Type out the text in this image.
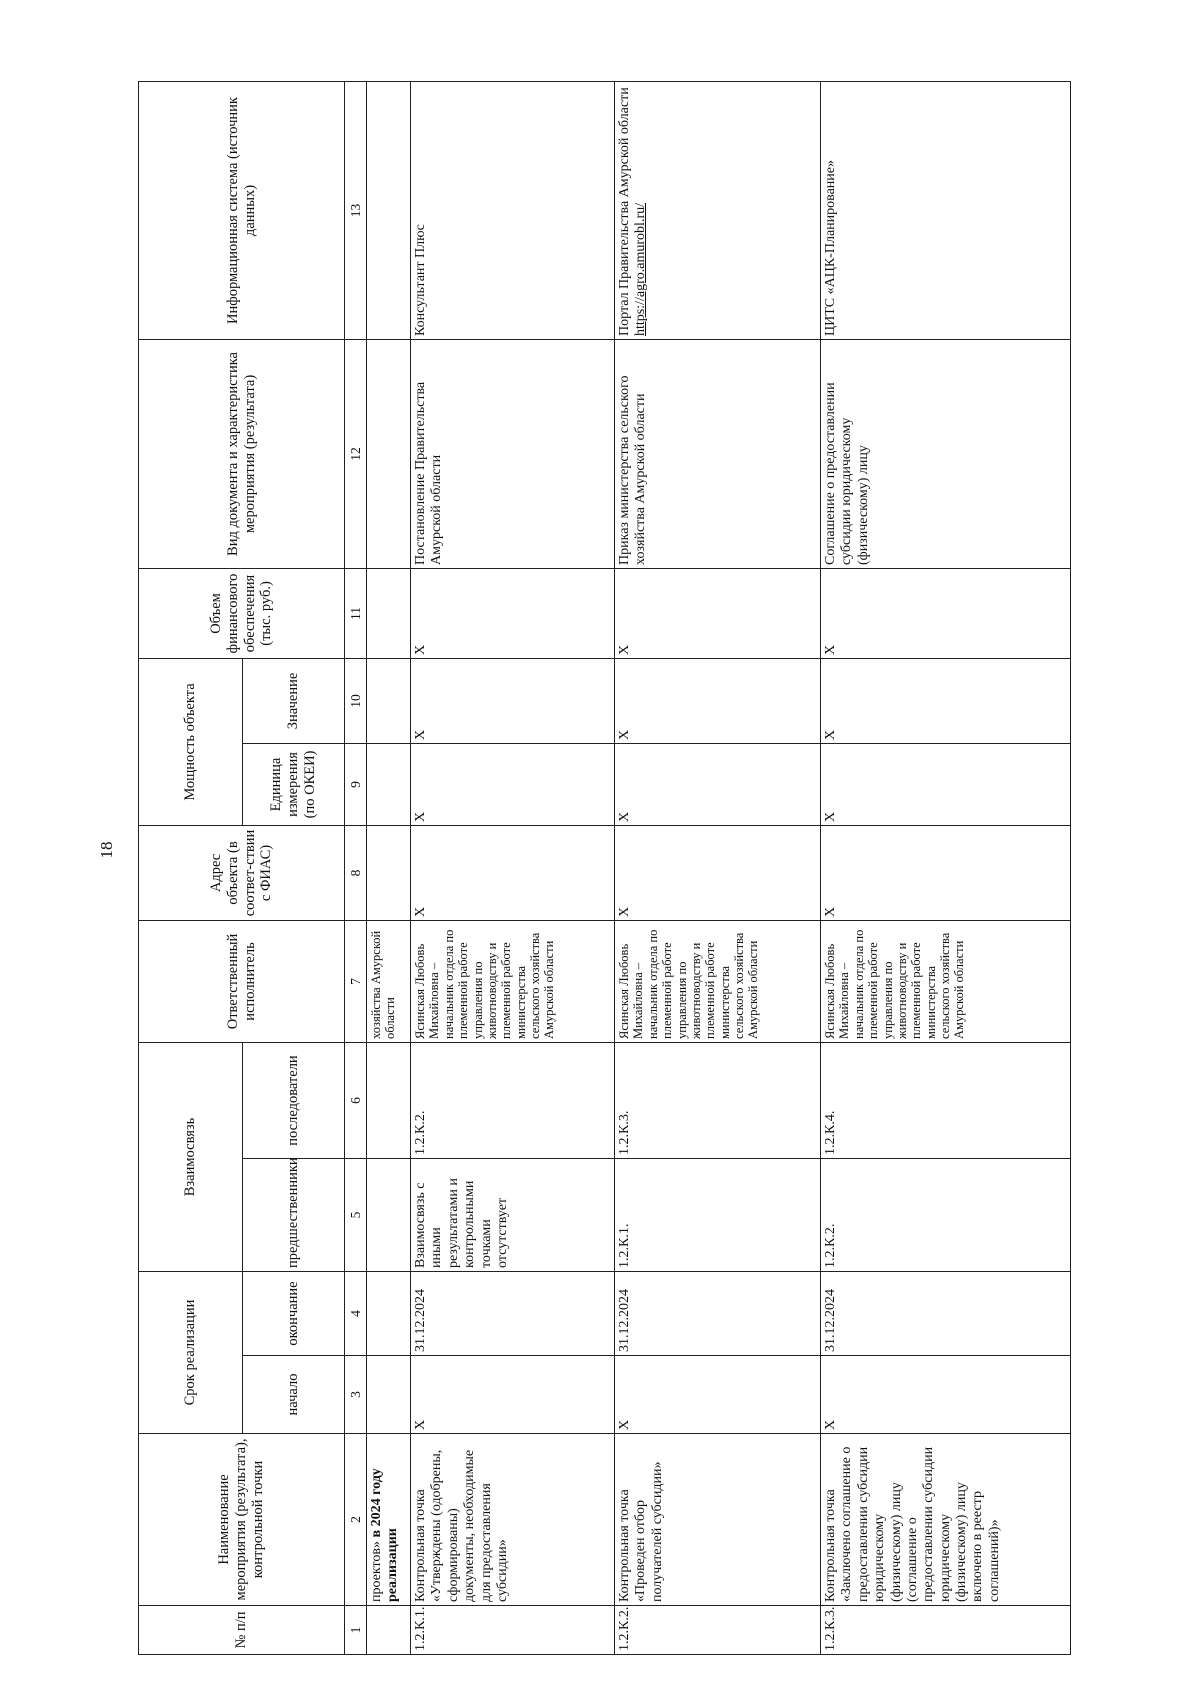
18
№ п/п	Наименование мероприятия (результата), контрольной точки	Срок реализации		Взаимосвязь		Ответственный исполнитель	Адрес объекта (в соответ-ствии с ФИАС)	Мощность объекта		Объем финансового обеспечения (тыс. руб.)	Вид документа и характеристика мероприятия (результата)	Информационная система (источник данных)
		начало	окончание	предшественники	последователи			Единица измерения (по ОКЕИ)	Значение			
1	2	3	4	5	6	7	8	9	10	11	12	13
	проектов» в 2024 году реализации					хозяйства Амурской области						
1.2.К.1.	Контрольная точка «Утверждены (одобрены, сформированы) документы, необходимые для предоставления субсидии»	X	31.12.2024	Взаимосвязь с иными результатами и контрольными точками отсутствует	1.2.К.2.	Ясинская Любовь Михайловна – начальник отдела по племенной работе управления по животноводству и племенной работе министерства сельского хозяйства Амурской области	X	X	X	X	Постановление Правительства Амурской области	Консультант Плюс
1.2.К.2.	Контрольная точка «Проведен отбор получателей субсидии»	X	31.12.2024	1.2.К.1.	1.2.К.3.	Ясинская Любовь Михайловна – начальник отдела по племенной работе управления по животноводству и племенной работе министерства сельского хозяйства Амурской области	X	X	X	X	Приказ министерства сельского хозяйства Амурской области	Портал Правительства Амурской области
https://agro.amurobl.ru/
1.2.К.3.	Контрольная точка «Заключено соглашение о предоставлении субсидии юридическому (физическому) лицу (соглашение о предоставлении субсидии юридическому (физическому) лицу включено в реестр соглашений)»	X	31.12.2024	1.2.К.2.	1.2.К.4.	Ясинская Любовь Михайловна – начальник отдела по племенной работе управления по животноводству и племенной работе министерства сельского хозяйства Амурской области	X	X	X	X	Соглашение о предоставлении субсидии юридическому (физическому) лицу	ЦИТС «АЦК-Планирование»
